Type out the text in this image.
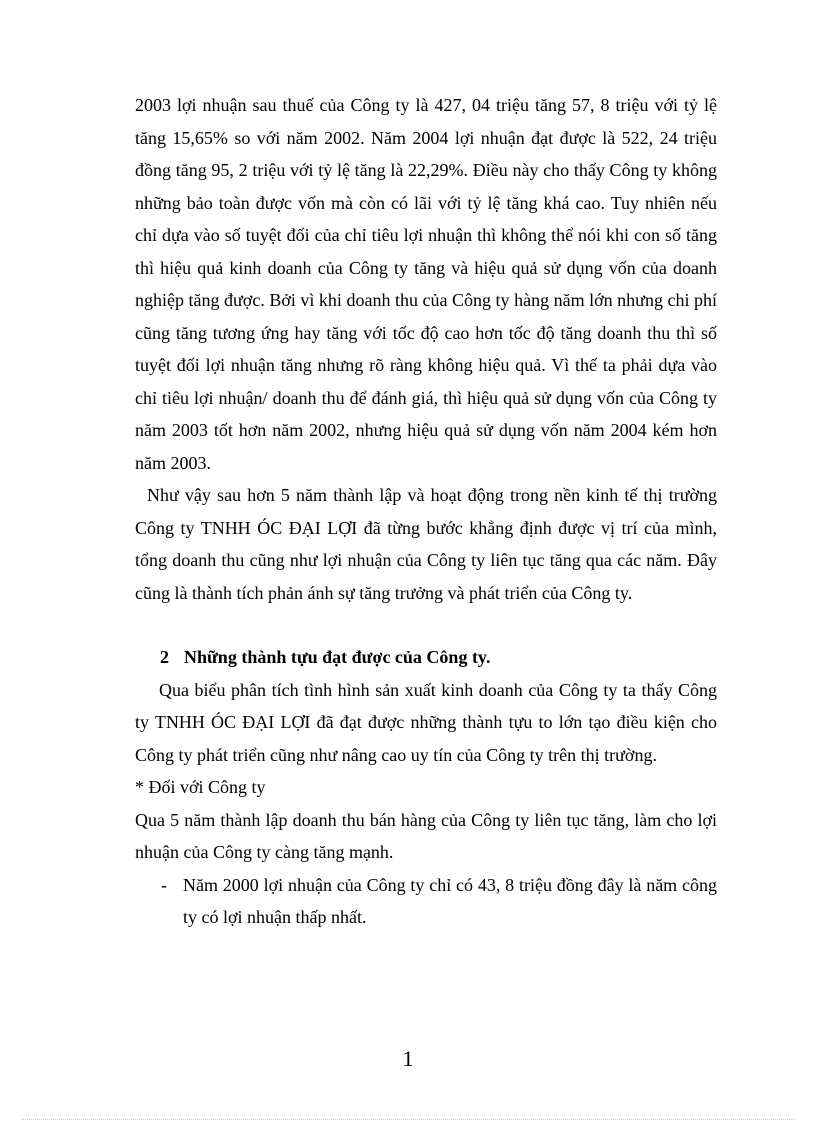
2003 lợi nhuận sau thuế của Công ty là 427, 04 triệu tăng 57, 8 triệu với tỷ lệ tăng 15,65% so với năm 2002. Năm 2004 lợi nhuận đạt được là 522, 24 triệu đồng tăng 95, 2 triệu với tỷ lệ tăng là 22,29%. Điều này cho thấy Công ty không những bảo toàn được vốn mà còn có lãi với tỷ lệ tăng khá cao. Tuy nhiên nếu chỉ dựa vào số tuyệt đối của chỉ tiêu lợi nhuận thì không thể nói khi con số tăng thì hiệu quả kinh doanh của Công ty tăng và hiệu quả sử dụng vốn của doanh nghiệp tăng được. Bởi vì khi doanh thu của Công ty hàng năm lớn nhưng chi phí cũng tăng tương ứng hay tăng với tốc độ cao hơn tốc độ tăng doanh thu thì số tuyệt đối lợi nhuận tăng nhưng rõ ràng không hiệu quả. Vì thế ta phải dựa vào chỉ tiêu lợi nhuận/ doanh thu để đánh giá, thì hiệu quả sử dụng vốn của Công ty năm 2003 tốt hơn năm 2002, nhưng hiệu quả sử dụng vốn năm 2004 kém hơn năm 2003.

Như vậy sau hơn 5 năm thành lập và hoạt động trong nền kinh tế thị trường Công ty TNHH ÓC ĐẠI LỢI đã từng bước khẳng định được vị trí của mình, tổng doanh thu cũng như lợi nhuận của Công ty liên tục tăng qua các năm. Đây cũng là thành tích phản ánh sự tăng trưởng và phát triển của Công ty.

2 Những thành tựu đạt được của Công ty.

Qua biểu phân tích tình hình sản xuất kinh doanh của Công ty ta thấy Công ty TNHH ÓC ĐẠI LỢI đã đạt được những thành tựu to lớn tạo điều kiện cho Công ty phát triển cũng như nâng cao uy tín của Công ty trên thị trường.

* Đối với Công ty

Qua 5 năm thành lập doanh thu bán hàng của Công ty liên tục tăng, làm cho lợi nhuận của Công ty càng tăng mạnh.

- Năm 2000 lợi nhuận của Công ty chỉ có 43, 8 triệu đồng đây là năm công ty có lợi nhuận thấp nhất.
1
